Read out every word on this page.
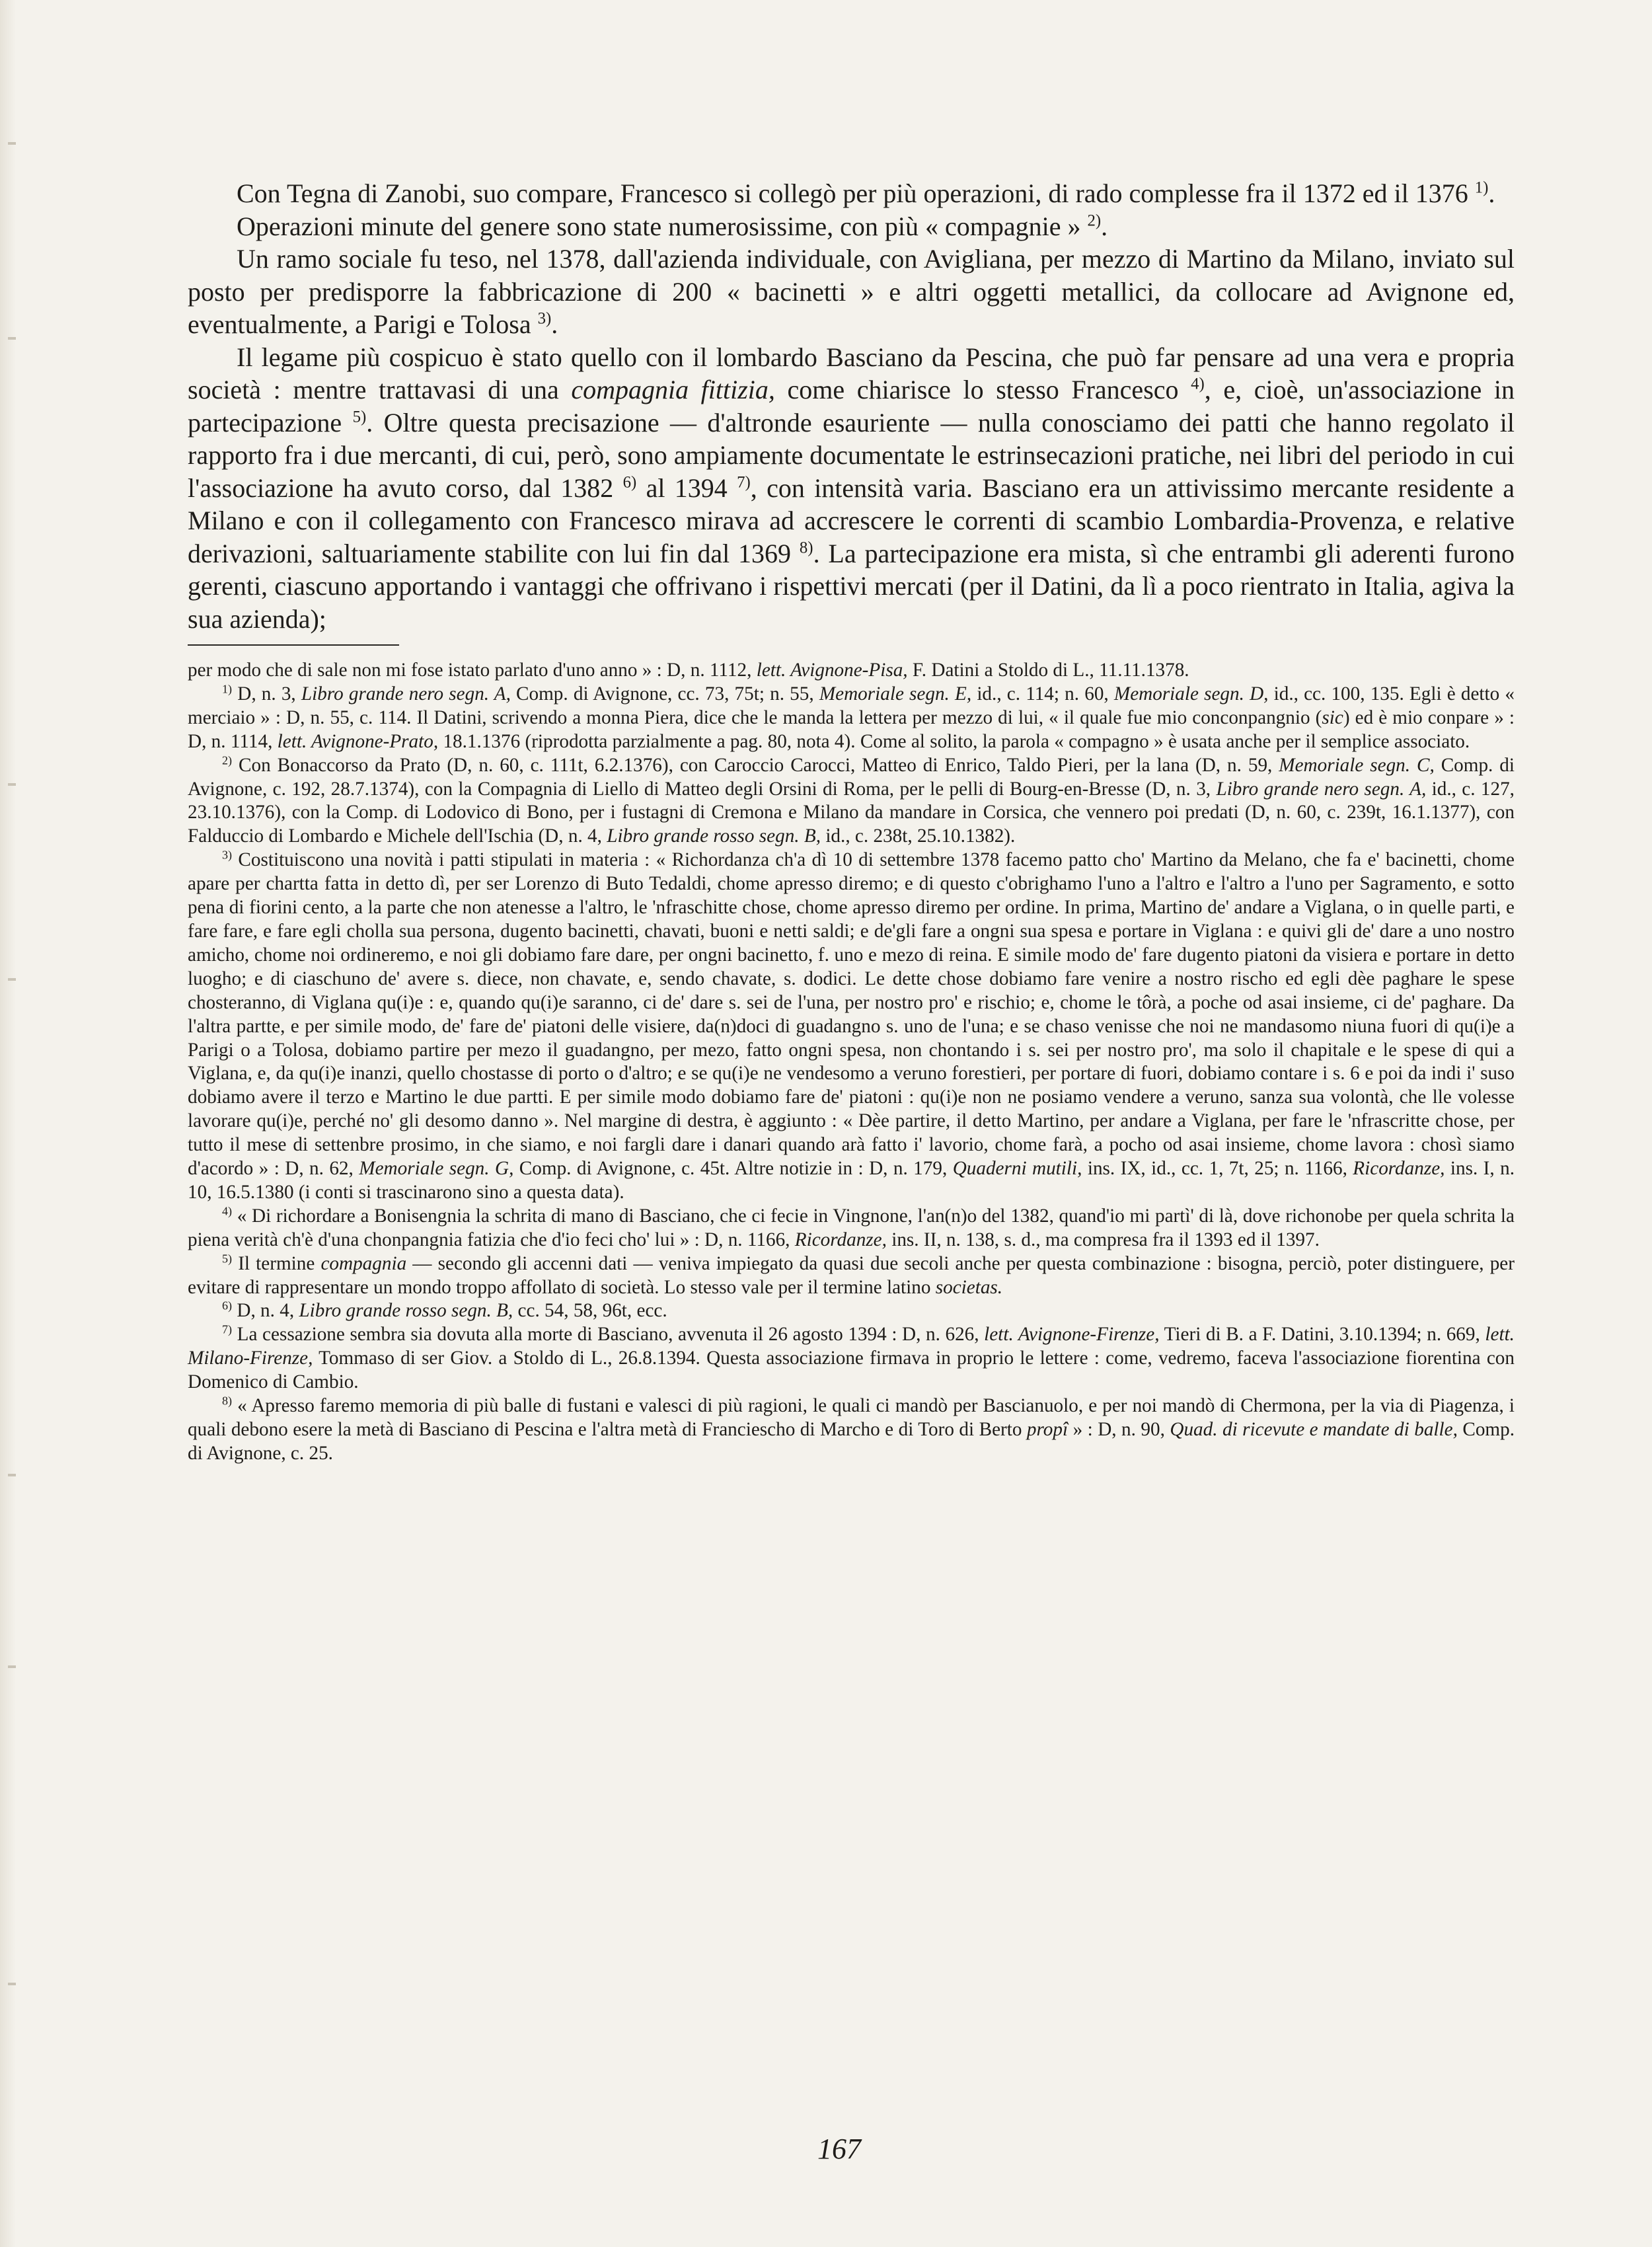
Con Tegna di Zanobi, suo compare, Francesco si collegò per più operazioni, di rado complesse fra il 1372 ed il 1376 $^{1)}$.

Operazioni minute del genere sono state numerosissime, con più « compagnie » $^{2)}$.

Un ramo sociale fu teso, nel 1378, dall'azienda individuale, con Avigliana, per mezzo di Martino da Milano, inviato sul posto per predisporre la fabbricazione di 200 « bacinetti » e altri oggetti metallici, da collocare ad Avignone ed, eventualmente, a Parigi e Tolosa $^{3)}$.

Il legame più cospicuo è stato quello con il lombardo Basciano da Pescina, che può far pensare ad una vera e propria società : mentre trattavasi di una compagnia fittizia, come chiarisce lo stesso Francesco $^{4)}$, e, cioè, un'associazione in partecipazione $^{5)}$. Oltre questa precisazione — d'altronde esauriente — nulla conosciamo dei patti che hanno regolato il rapporto fra i due mercanti, di cui, però, sono ampiamente documentate le estrinsecazioni pratiche, nei libri del periodo in cui l'associazione ha avuto corso, dal 1382 $^{6)}$ al 1394 $^{7)}$, con intensità varia. Basciano era un attivissimo mercante residente a Milano e con il collegamento con Francesco mirava ad accrescere le correnti di scambio Lombardia-Provenza, e relative derivazioni, saltuariamente stabilite con lui fin dal 1369 $^{8)}$. La partecipazione era mista, sì che entrambi gli aderenti furono gerenti, ciascuno apportando i vantaggi che offrivano i rispettivi mercati (per il Datini, da lì a poco rientrato in Italia, agiva la sua azienda);

per modo che di sale non mi fose istato parlato d'uno anno » : D, n. 1112, lett. Avignone-Pisa, F. Datini a Stoldo di L., 11.11.1378.

$^{1)}$ D, n. 3, Libro grande nero segn. A, Comp. di Avignone, cc. 73, 75t; n. 55, Memoriale segn. E, id., c. 114; n. 60, Memoriale segn. D, id., cc. 100, 135. Egli è detto « merciaio » : D, n. 55, c. 114. Il Datini, scrivendo a monna Piera, dice che le manda la lettera per mezzo di lui, « il quale fue mio conconpangnio (sic) ed è mio conpare » : D, n. 1114, lett. Avignone-Prato, 18.1.1376 (riprodotta parzialmente a pag. 80, nota 4). Come al solito, la parola « compagno » è usata anche per il semplice associato.

$^{2)}$ Con Bonaccorso da Prato (D, n. 60, c. 111t, 6.2.1376), con Caroccio Carocci, Matteo di Enrico, Taldo Pieri, per la lana (D, n. 59, Memoriale segn. C, Comp. di Avignone, c. 192, 28.7.1374), con la Compagnia di Liello di Matteo degli Orsini di Roma, per le pelli di Bourg-en-Bresse (D, n. 3, Libro grande nero segn. A, id., c. 127, 23.10.1376), con la Comp. di Lodovico di Bono, per i fustagni di Cremona e Milano da mandare in Corsica, che vennero poi predati (D, n. 60, c. 239t, 16.1.1377), con Falduccio di Lombardo e Michele dell'Ischia (D, n. 4, Libro grande rosso segn. B, id., c. 238t, 25.10.1382).

$^{3)}$ Costituiscono una novità i patti stipulati in materia : « Richordanza ch'a dì 10 di settembre 1378 facemo patto cho' Martino da Melano, che fa e' bacinetti, chome apare per chartta fatta in detto dì, per ser Lorenzo di Buto Tedaldi, chome apresso diremo; e di questo c'obrighamo l'uno a l'altro e l'altro a l'uno per Sagramento, e sotto pena di fiorini cento, a la parte che non atenesse a l'altro, le 'nfraschitte chose, chome apresso diremo per ordine. In prima, Martino de' andare a Viglana, o in quelle parti, e fare fare, e fare egli cholla sua persona, dugento bacinetti, chavati, buoni e netti saldi; e de'gli fare a ongni sua spesa e portare in Viglana : e quivi gli de' dare a uno nostro amicho, chome noi ordineremo, e noi gli dobiamo fare dare, per ongni bacinetto, f. uno e mezo di reina. E simile modo de' fare dugento piatoni da visiera e portare in detto luogho; e di ciaschuno de' avere s. diece, non chavate, e, sendo chavate, s. dodici. Le dette chose dobiamo fare venire a nostro rischo ed egli dèe paghare le spese chosteranno, di Viglana qu(i)e : e, quando qu(i)e saranno, ci de' dare s. sei de l'una, per nostro pro' e rischio; e, chome le tôrà, a poche od asai insieme, ci de' paghare. Da l'altra partte, e per simile modo, de' fare de' piatoni delle visiere, da(n)doci di guadangno s. uno de l'una; e se chaso venisse che noi ne mandasomo niuna fuori di qu(i)e a Parigi o a Tolosa, dobiamo partire per mezo il guadangno, per mezo, fatto ongni spesa, non chontando i s. sei per nostro pro', ma solo il chapitale e le spese di qui a Viglana, e, da qu(i)e inanzi, quello chostasse di porto o d'altro; e se qu(i)e ne vendesomo a veruno forestieri, per portare di fuori, dobiamo contare i s. 6 e poi da indi i' suso dobiamo avere il terzo e Martino le due partti. E per simile modo dobiamo fare de' piatoni : qu(i)e non ne posiamo vendere a veruno, sanza sua volontà, che lle volesse lavorare qu(i)e, perché no' gli desomo danno ». Nel margine di destra, è aggiunto : « Dèe partire, il detto Martino, per andare a Viglana, per fare le 'nfrascritte chose, per tutto il mese di settenbre prosimo, in che siamo, e noi fargli dare i danari quando arà fatto i' lavorio, chome farà, a pocho od asai insieme, chome lavora : chosì siamo d'acordo » : D, n. 62, Memoriale segn. G, Comp. di Avignone, c. 45t. Altre notizie in : D, n. 179, Quaderni mutili, ins. IX, id., cc. 1, 7t, 25; n. 1166, Ricordanze, ins. I, n. 10, 16.5.1380 (i conti si trascinarono sino a questa data).

$^{4)}$ « Di richordare a Bonisengnia la schrita di mano di Basciano, che ci fecie in Vingnone, l'an(n)o del 1382, quand'io mi partì' di là, dove richonobe per quela schrita la piena verità ch'è d'una chonpangnia fatizia che d'io feci cho' lui » : D, n. 1166, Ricordanze, ins. II, n. 138, s. d., ma compresa fra il 1393 ed il 1397.

$^{5)}$ Il termine compagnia — secondo gli accenni dati — veniva impiegato da quasi due secoli anche per questa combinazione : bisogna, perciò, poter distinguere, per evitare di rappresentare un mondo troppo affollato di società. Lo stesso vale per il termine latino societas.

$^{6)}$ D, n. 4, Libro grande rosso segn. B, cc. 54, 58, 96t, ecc.

$^{7)}$ La cessazione sembra sia dovuta alla morte di Basciano, avvenuta il 26 agosto 1394 : D, n. 626, lett. Avignone-Firenze, Tieri di B. a F. Datini, 3.10.1394; n. 669, lett. Milano-Firenze, Tommaso di ser Giov. a Stoldo di L., 26.8.1394. Questa associazione firmava in proprio le lettere : come, vedremo, faceva l'associazione fiorentina con Domenico di Cambio.

$^{8)}$ « Apresso faremo memoria di più balle di fustani e valesci di più ragioni, le quali ci mandò per Bascianuolo, e per noi mandò di Chermona, per la via di Piagenza, i quali debono esere la metà di Basciano di Pescina e l'altra metà di Franciescho di Marcho e di Toro di Berto propî » : D, n. 90, Quad. di ricevute e mandate di balle, Comp. di Avignone, c. 25.

167
